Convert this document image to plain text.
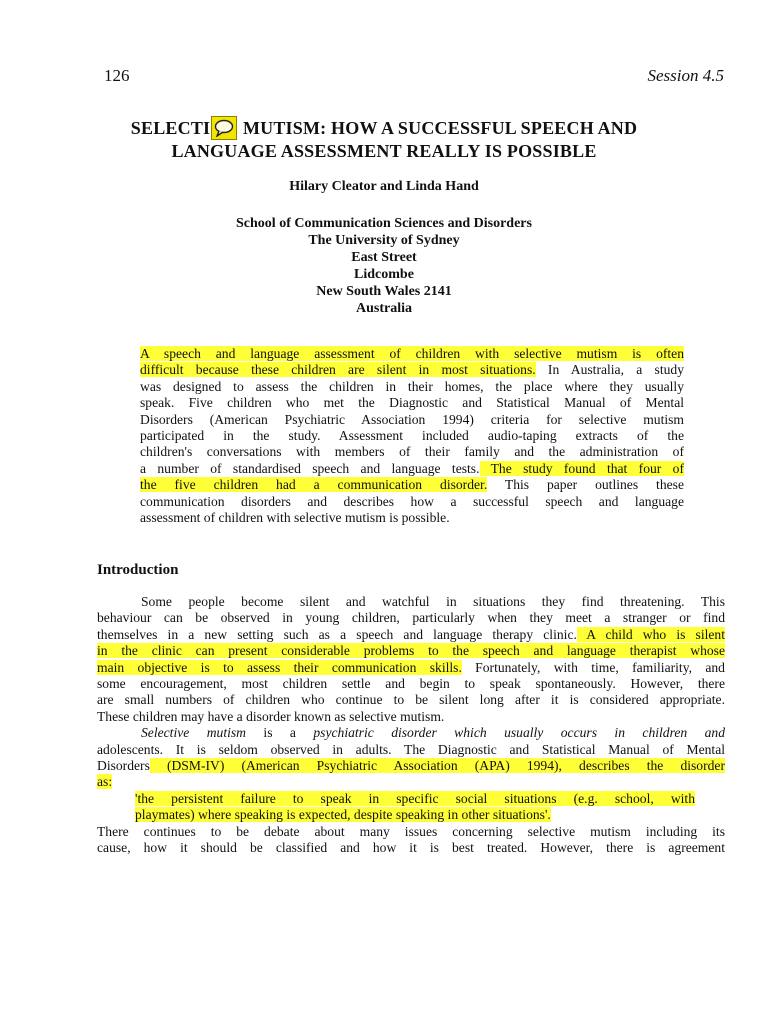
126	Session 4.5
SELECTI
MUTISM: HOW A SUCCESSFUL SPEECH AND
LANGUAGE ASSESSMENT REALLY IS POSSIBLE
Hilary Cleator and Linda Hand
School of Communication Sciences and Disorders
The University of Sydney
East Street
Lidcombe
New South Wales 2141
Australia
A speech and language assessment of children with selective mutism is often
difficult because these children are silent in most situations. In Australia, a study
was designed to assess the children in their homes, the place where they usually
speak. Five children who met the Diagnostic and Statistical Manual of Mental
Disorders (American Psychiatric Association 1994) criteria for selective mutism
participated in the study. Assessment included audio-taping extracts of the
children's conversations with members of their family and the administration of
a number of standardised speech and language tests. The study found that four of
the five children had a communication disorder. This paper outlines these
communication disorders and describes how a successful speech and language
assessment of children with selective mutism is possible.
Introduction
Some people become silent and watchful in situations they find threatening. This
behaviour can be observed in young children, particularly when they meet a stranger or find
themselves in a new setting such as a speech and language therapy clinic. A child who is silent
in the clinic can present considerable problems to the speech and language therapist whose
main objective is to assess their communication skills. Fortunately, with time, familiarity, and
some encouragement, most children settle and begin to speak spontaneously. However, there
are small numbers of children who continue to be silent long after it is considered appropriate.
These children may have a disorder known as selective mutism.
Selective mutism is a psychiatric disorder which usually occurs in children and
adolescents. It is seldom observed in adults. The Diagnostic and Statistical Manual of Mental
Disorders (DSM-IV) (American Psychiatric Association (APA) 1994), describes the disorder
as:
'the persistent failure to speak in specific social situations (e.g. school, with
playmates) where speaking is expected, despite speaking in other situations'.
There continues to be debate about many issues concerning selective mutism including its
cause, how it should be classified and how it is best treated. However, there is agreement
